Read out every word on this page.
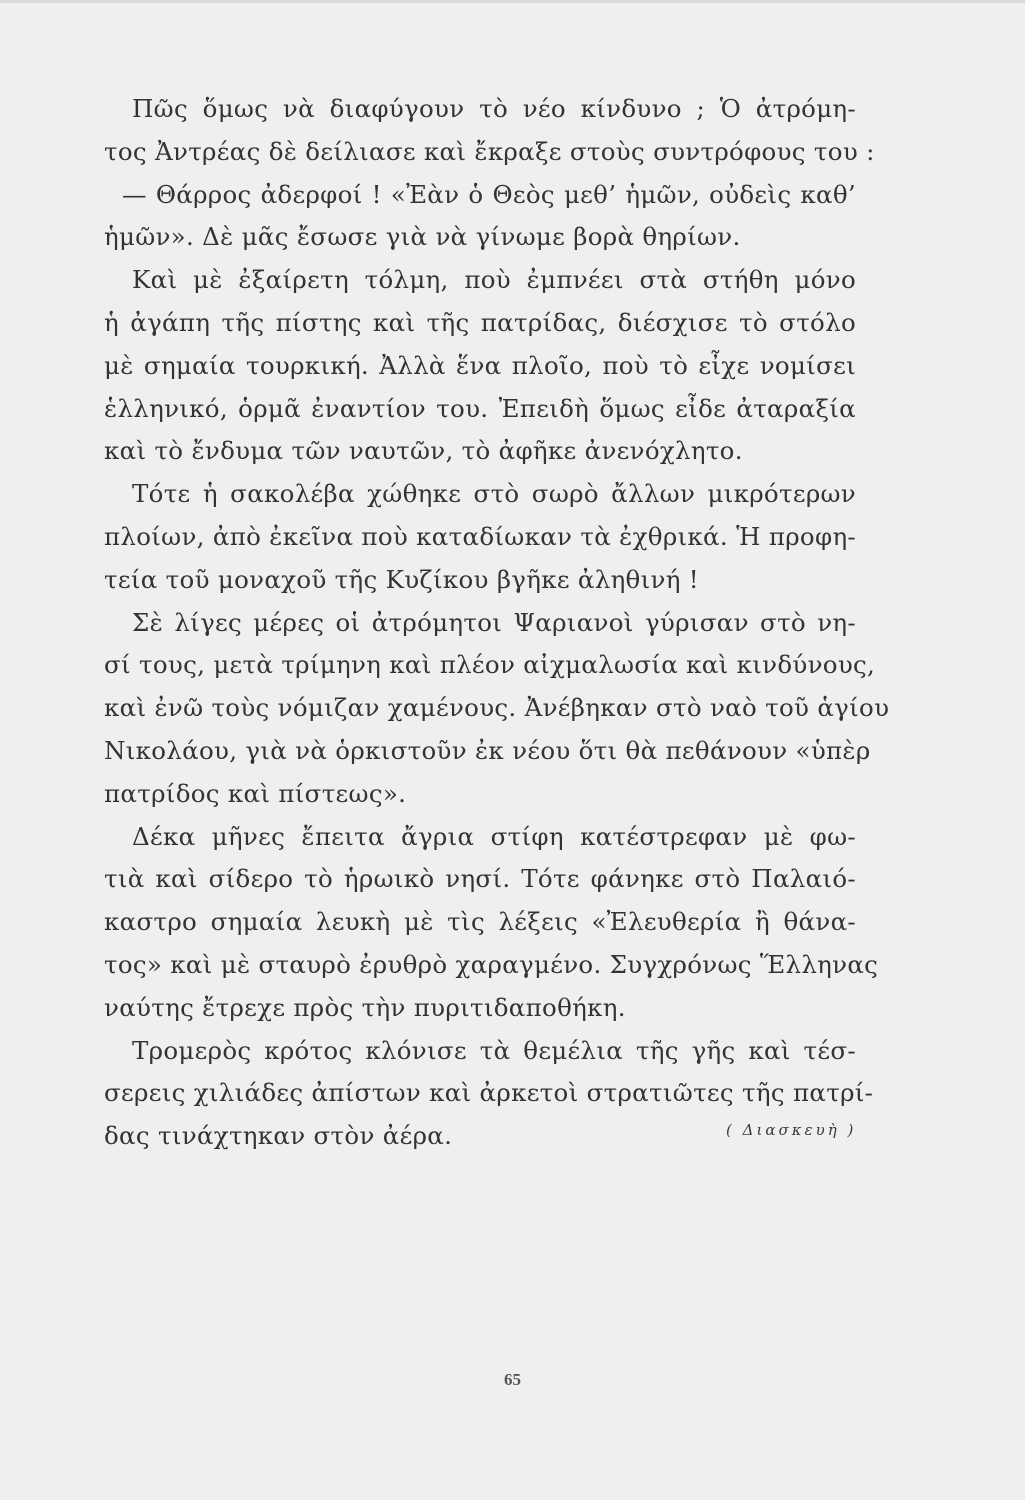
Πῶς ὅμως νὰ διαφύγουν τὸ νέο κίνδυνο ; Ὁ ἀτρόμη-
τος Ἀντρέας δὲ δείλιασε καὶ ἔκραξε στοὺς συντρόφους του :
— Θάρρος ἀδερφοί ! «Ἐὰν ὁ Θεὸς μεθ’ ἡμῶν, οὐδεὶς καθ’
ἡμῶν». Δὲ μᾶς ἔσωσε γιὰ νὰ γίνωμε βορὰ θηρίων.
Καὶ μὲ ἐξαίρετη τόλμη, ποὺ ἐμπνέει στὰ στήθη μόνο
ἡ ἀγάπη τῆς πίστης καὶ τῆς πατρίδας, διέσχισε τὸ στόλο
μὲ σημαία τουρκική. Ἀλλὰ ἕνα πλοῖο, ποὺ τὸ εἶχε νομίσει
ἑλληνικό, ὁρμᾶ ἐναντίον του. Ἐπειδὴ ὅμως εἶδε ἀταραξία
καὶ τὸ ἔνδυμα τῶν ναυτῶν, τὸ ἀφῆκε ἀνενόχλητο.
Τότε ἡ σακολέβα χώθηκε στὸ σωρὸ ἄλλων μικρότερων
πλοίων, ἀπὸ ἐκεῖνα ποὺ καταδίωκαν τὰ ἐχθρικά. Ἡ προφη-
τεία τοῦ μοναχοῦ τῆς Κυζίκου βγῆκε ἀληθινή !
Σὲ λίγες μέρες οἱ ἀτρόμητοι Ψαριανοὶ γύρισαν στὸ νη-
σί τους, μετὰ τρίμηνη καὶ πλέον αἰχμαλωσία καὶ κινδύνους,
καὶ ἐνῶ τοὺς νόμιζαν χαμένους. Ἀνέβηκαν στὸ ναὸ τοῦ ἁγίου
Νικολάου, γιὰ νὰ ὁρκιστοῦν ἐκ νέου ὅτι θὰ πεθάνουν «ὑπὲρ
πατρίδος καὶ πίστεως».
Δέκα μῆνες ἔπειτα ἄγρια στίφη κατέστρεφαν μὲ φω-
τιὰ καὶ σίδερο τὸ ἡρωικὸ νησί. Τότε φάνηκε στὸ Παλαιό-
καστρο σημαία λευκὴ μὲ τὶς λέξεις «Ἐλευθερία ἢ θάνα-
τος» καὶ μὲ σταυρὸ ἐρυθρὸ χαραγμένο. Συγχρόνως Ἕλληνας
ναύτης ἔτρεχε πρὸς τὴν πυριτιδαποθήκη.
Τρομερὸς κρότος κλόνισε τὰ θεμέλια τῆς γῆς καὶ τέσ-
σερεις χιλιάδες ἀπίστων καὶ ἀρκετοὶ στρατιῶτες τῆς πατρί-
δας τινάχτηκαν στὸν ἀέρα.	( Διασκευὴ )
65
